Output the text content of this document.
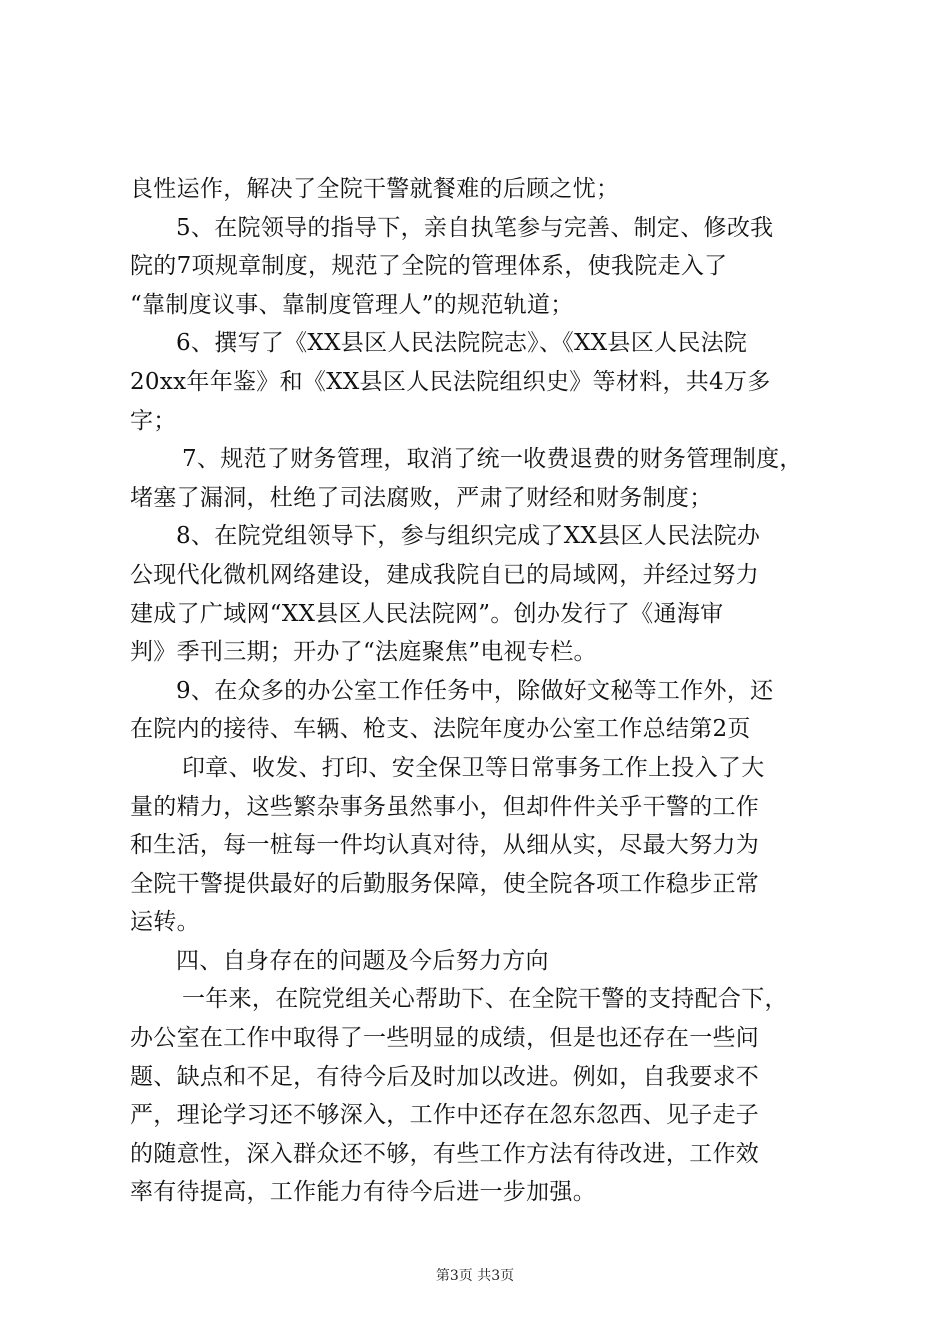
良性运作，解决了全院干警就餐难的后顾之忧；
5、在院领导的指导下，亲自执笔参与完善、制定、修改我
院的7项规章制度，规范了全院的管理体系，使我院走入了
“靠制度议事、靠制度管理人”的规范轨道；
6、撰写了《XX县区人民法院院志》、《XX县区人民法院
20xx年年鉴》和《XX县区人民法院组织史》等材料，共4万多
字；
7、规范了财务管理，取消了统一收费退费的财务管理制度，
堵塞了漏洞，杜绝了司法腐败，严肃了财经和财务制度；
8、在院党组领导下，参与组织完成了XX县区人民法院办
公现代化微机网络建设，建成我院自已的局域网，并经过努力
建成了广域网“XX县区人民法院网”。创办发行了《通海审
判》季刊三期；开办了“法庭聚焦”电视专栏。
9、在众多的办公室工作任务中，除做好文秘等工作外，还
在院内的接待、车辆、枪支、法院年度办公室工作总结第2页
印章、收发、打印、安全保卫等日常事务工作上投入了大
量的精力，这些繁杂事务虽然事小，但却件件关乎干警的工作
和生活，每一桩每一件均认真对待，从细从实，尽最大努力为
全院干警提供最好的后勤服务保障，使全院各项工作稳步正常
运转。
四、自身存在的问题及今后努力方向
一年来，在院党组关心帮助下、在全院干警的支持配合下，
办公室在工作中取得了一些明显的成绩，但是也还存在一些问
题、缺点和不足，有待今后及时加以改进。例如，自我要求不
严，理论学习还不够深入，工作中还存在忽东忽西、见子走子
的随意性，深入群众还不够，有些工作方法有待改进，工作效
率有待提高，工作能力有待今后进一步加强。
第3页 共3页
